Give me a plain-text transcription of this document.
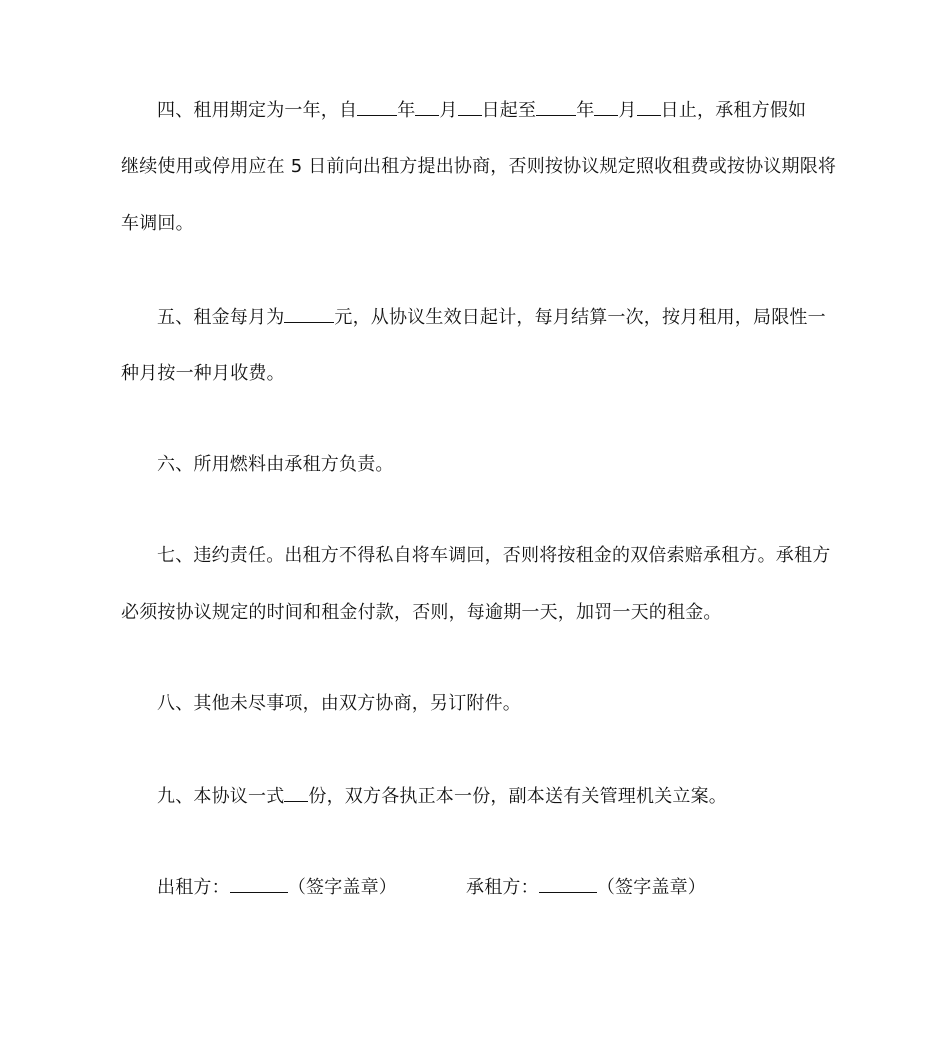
四、租用期定为一年，自 年 月 日起至 年 月 日止，承租方假如
继续使用或停用应在 5 日前向出租方提出协商，否则按协议规定照收租费或按协议期限将
车调回。
五、租金每月为	元，从协议生效日起计，每月结算一次，按月租用，局限性一
种月按一种月收费。
六、所用燃料由承租方负责。
七、违约责任。出租方不得私自将车调回，否则将按租金的双倍索赔承租方。承租方
必须按协议规定的时间和租金付款，否则，每逾期一天，加罚一天的租金。
八、其他未尽事项，由双方协商，另订附件。
九、本协议一式 份，双方各执正本一份，副本送有关管理机关立案。
出租方：	（签字盖章）	承租方：	（签字盖章）
